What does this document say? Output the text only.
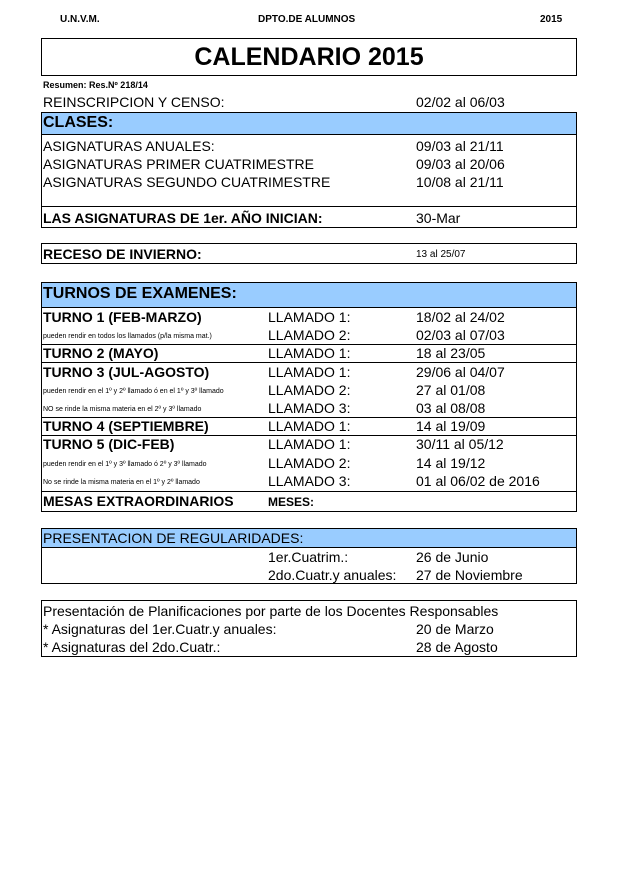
U.N.V.M.	DPTO.DE ALUMNOS	2015
CALENDARIO 2015
Resumen: Res.Nº 218/14
REINSCRIPCION Y CENSO:	02/02 al 06/03
CLASES:
ASIGNATURAS ANUALES:	09/03 al 21/11
ASIGNATURAS PRIMER CUATRIMESTRE	09/03 al 20/06
ASIGNATURAS SEGUNDO CUATRIMESTRE	10/08 al 21/11
LAS ASIGNATURAS DE 1er. AÑO INICIAN:	30-Mar
RECESO DE INVIERNO:	13 al 25/07
TURNOS DE EXAMENES:
TURNO 1 (FEB-MARZO)	LLAMADO 1:	18/02 al 24/02
pueden rendir en todos los llamados (p/la misma mat.)	LLAMADO 2:	02/03 al 07/03
TURNO 2 (MAYO)	LLAMADO 1:	18 al 23/05
TURNO 3 (JUL-AGOSTO)	LLAMADO 1:	29/06 al 04/07
pueden rendir en el 1º y 2º llamado ó en el 1º y 3º llamado	LLAMADO 2:	27 al 01/08
NO se rinde la misma materia en el 2º y 3º llamado	LLAMADO 3:	03 al 08/08
TURNO 4 (SEPTIEMBRE)	LLAMADO 1:	14 al 19/09
TURNO 5 (DIC-FEB)	LLAMADO 1:	30/11 al 05/12
pueden rendir en el 1º y 3º llamado ó 2º y 3º llamado	LLAMADO 2:	14 al 19/12
No se rinde la misma materia en el 1º y 2º llamado	LLAMADO 3:	01 al 06/02 de 2016
MESAS EXTRAORDINARIOS	MESES:
PRESENTACION DE REGULARIDADES:
1er.Cuatrim.:	26 de Junio
2do.Cuatr.y anuales: 27 de Noviembre
Presentación de Planificaciones por parte de los Docentes Responsables
* Asignaturas del 1er.Cuatr.y anuales:	20 de Marzo
* Asignaturas del 2do.Cuatr.:	28 de Agosto
